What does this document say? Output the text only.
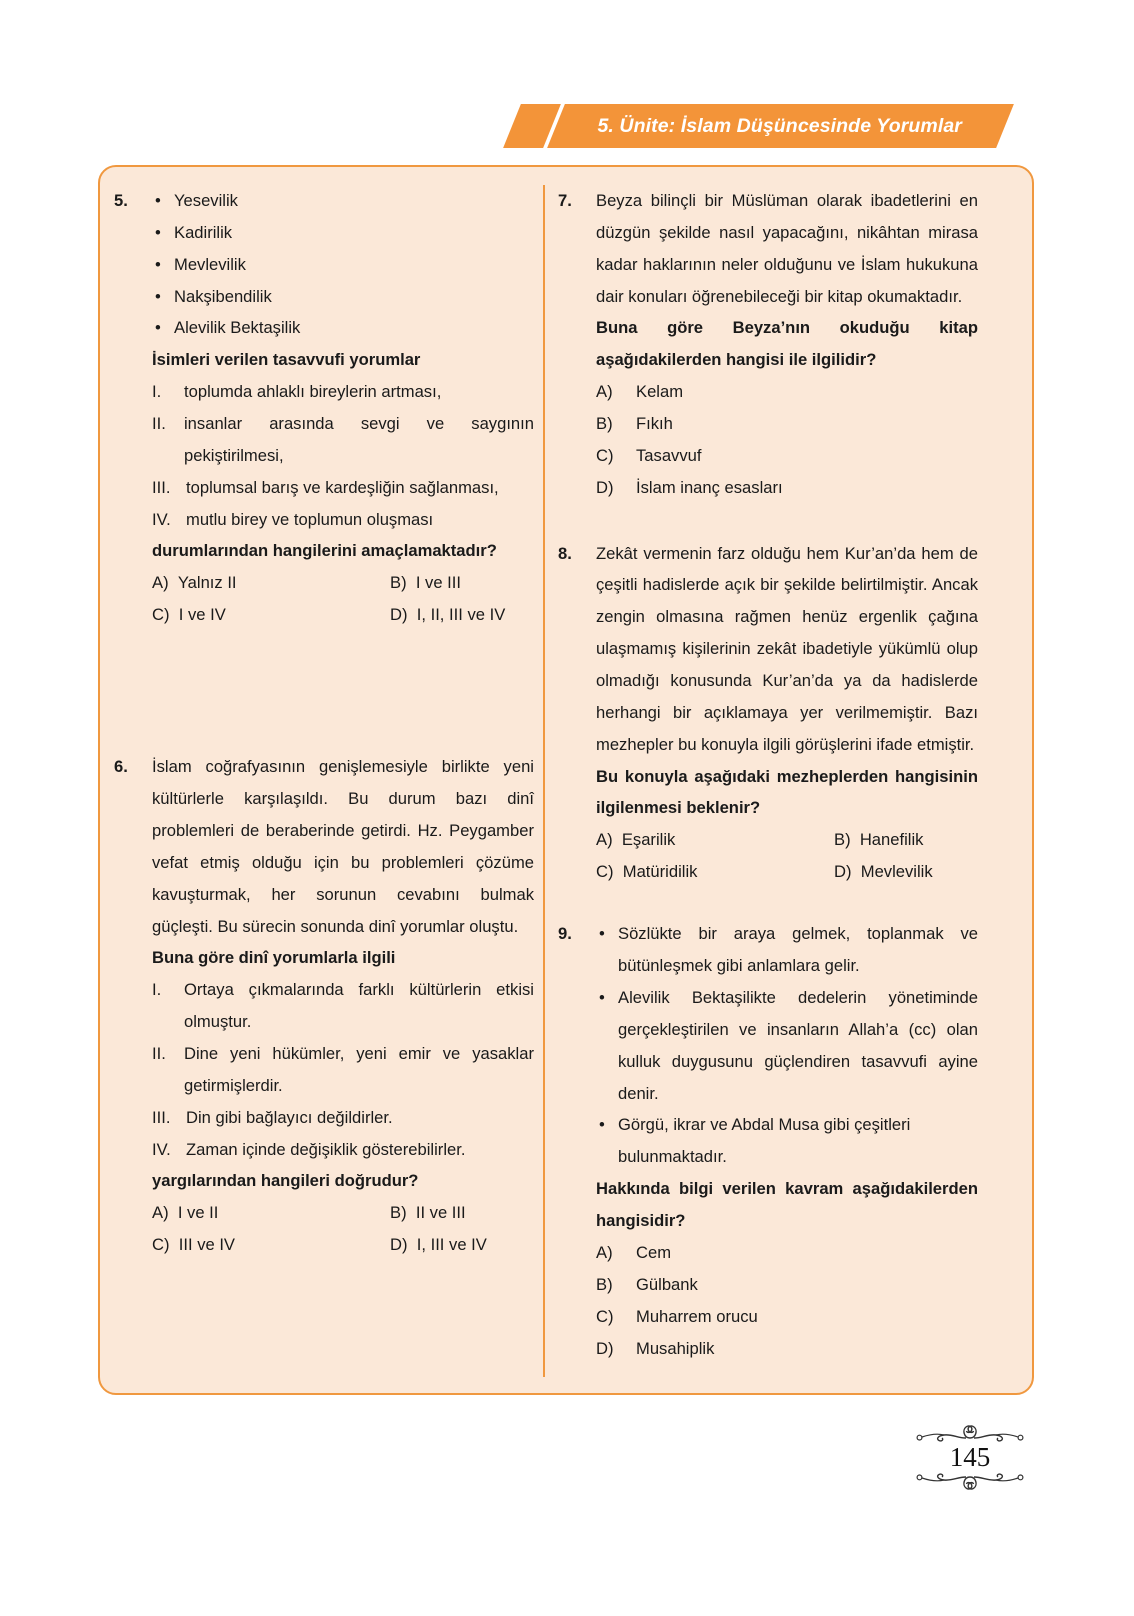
5. Ünite: İslam Düşüncesinde Yorumlar
5.	• Yesevilik
• Kadirilik
• Mevlevilik
• Nakşibendilik
• Alevilik Bektaşilik
İsimleri verilen tasavvufi yorumlar
I. toplumda ahlaklı bireylerin artması,
II. insanlar arasında sevgi ve saygının pekiştirilmesi,
III. toplumsal barış ve kardeşliğin sağlanması,
IV. mutlu birey ve toplumun oluşması
durumlarından hangilerini amaçlamaktadır?
A) Yalnız II	B) I ve III
C) I ve IV	D) I, II, III ve IV
6.	İslam coğrafyasının genişlemesiyle birlikte yeni kültürlerle karşılaşıldı. Bu durum bazı dinî problemleri de beraberinde getirdi. Hz. Peygamber vefat etmiş olduğu için bu problemleri çözüme kavuşturmak, her sorunun cevabını bulmak güçleşti. Bu sürecin sonunda dinî yorumlar oluştu.
Buna göre dinî yorumlarla ilgili
I. Ortaya çıkmalarında farklı kültürlerin etkisi olmuştur.
II. Dine yeni hükümler, yeni emir ve yasaklar getirmişlerdir.
III. Din gibi bağlayıcı değildirler.
IV. Zaman içinde değişiklik gösterebilirler.
yargılarından hangileri doğrudur?
A) I ve II	B) II ve III
C) III ve IV	D) I, III ve IV
7.	Beyza bilinçli bir Müslüman olarak ibadetlerini en düzgün şekilde nasıl yapacağını, nikâhtan mirasa kadar haklarının neler olduğunu ve İslam hukukuna dair konuları öğrenebileceği bir kitap okumaktadır.
Buna göre Beyza’nın okuduğu kitap aşağıdakilerden hangisi ile ilgilidir?
A) Kelam
B) Fıkıh
C) Tasavvuf
D) İslam inanç esasları
8.	Zekât vermenin farz olduğu hem Kur’an’da hem de çeşitli hadislerde açık bir şekilde belirtilmiştir. Ancak zengin olmasına rağmen henüz ergenlik çağına ulaşmamış kişilerinin zekât ibadetiyle yükümlü olup olmadığı konusunda Kur’an’da ya da hadislerde herhangi bir açıklamaya yer verilmemiştir. Bazı mezhepler bu konuyla ilgili görüşlerini ifade etmiştir.
Bu konuyla aşağıdaki mezheplerden hangisinin ilgilenmesi beklenir?
A) Eşarilik	B) Hanefilik
C) Matüridilik	D) Mevlevilik
9.	• Sözlükte bir araya gelmek, toplanmak ve bütünleşmek gibi anlamlara gelir.
• Alevilik Bektaşilikte dedelerin yönetiminde gerçekleştirilen ve insanların Allah’a (cc) olan kulluk duygusunu güçlendiren tasavvufi ayine denir.
• Görgü, ikrar ve Abdal Musa gibi çeşitleri bulunmaktadır.
Hakkında bilgi verilen kavram aşağıdakilerden hangisidir?
A) Cem
B) Gülbank
C) Muharrem orucu
D) Musahiplik
145
